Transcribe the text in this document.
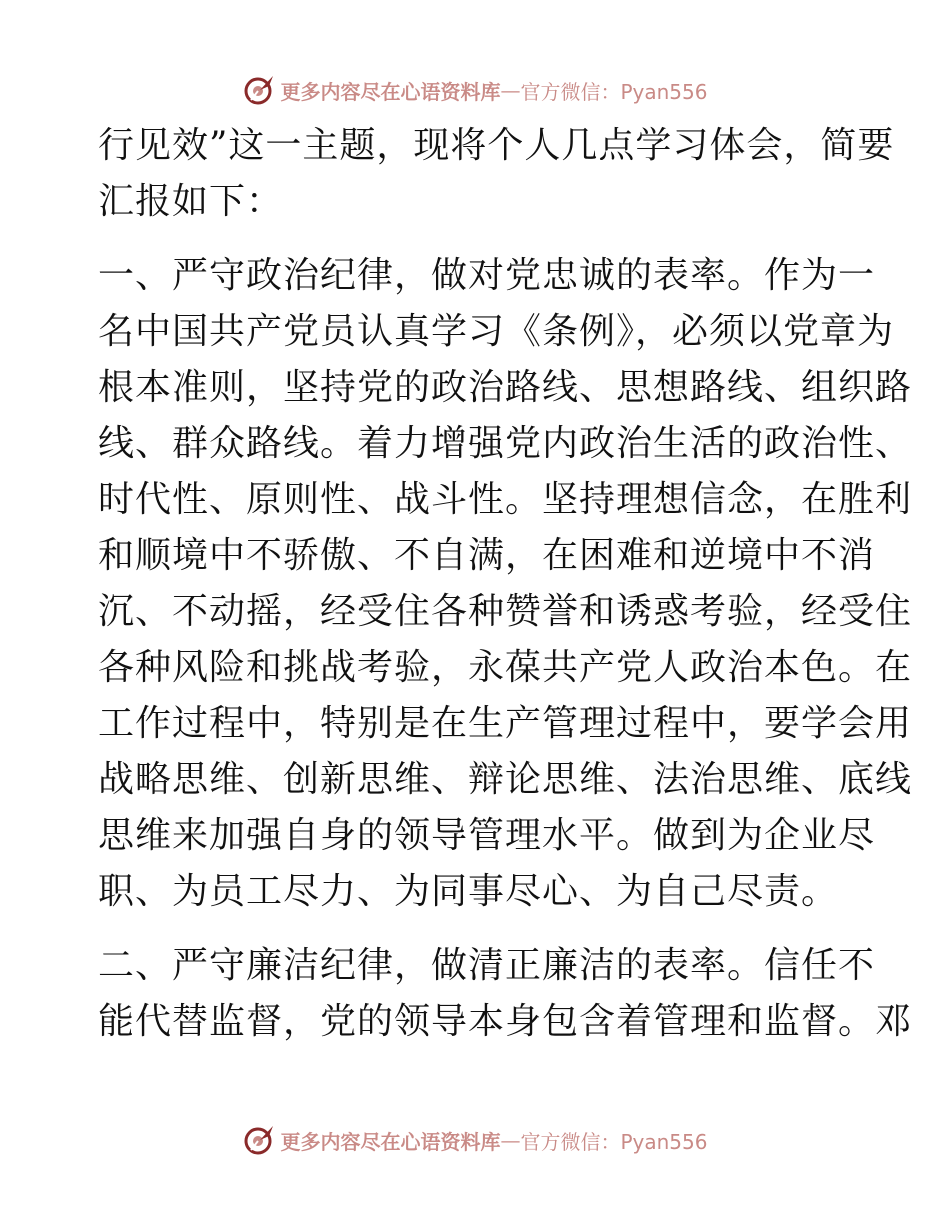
更多内容尽在心语资料库 — 官方微信：Pyan556
行见效”这一主题，现将个人几点学习体会，简要
汇报如下：
一、严守政治纪律，做对党忠诚的表率。作为一
名中国共产党员认真学习《条例》，必须以党章为
根本准则，坚持党的政治路线、思想路线、组织路
线、群众路线。着力增强党内政治生活的政治性、
时代性、原则性、战斗性。坚持理想信念，在胜利
和顺境中不骄傲、不自满，在困难和逆境中不消
沉、不动摇，经受住各种赞誉和诱惑考验，经受住
各种风险和挑战考验，永葆共产党人政治本色。在
工作过程中，特别是在生产管理过程中，要学会用
战略思维、创新思维、辩论思维、法治思维、底线
思维来加强自身的领导管理水平。做到为企业尽
职、为员工尽力、为同事尽心、为自己尽责。
二、严守廉洁纪律，做清正廉洁的表率。信任不
能代替监督，党的领导本身包含着管理和监督。邓
更多内容尽在心语资料库 — 官方微信：Pyan556
